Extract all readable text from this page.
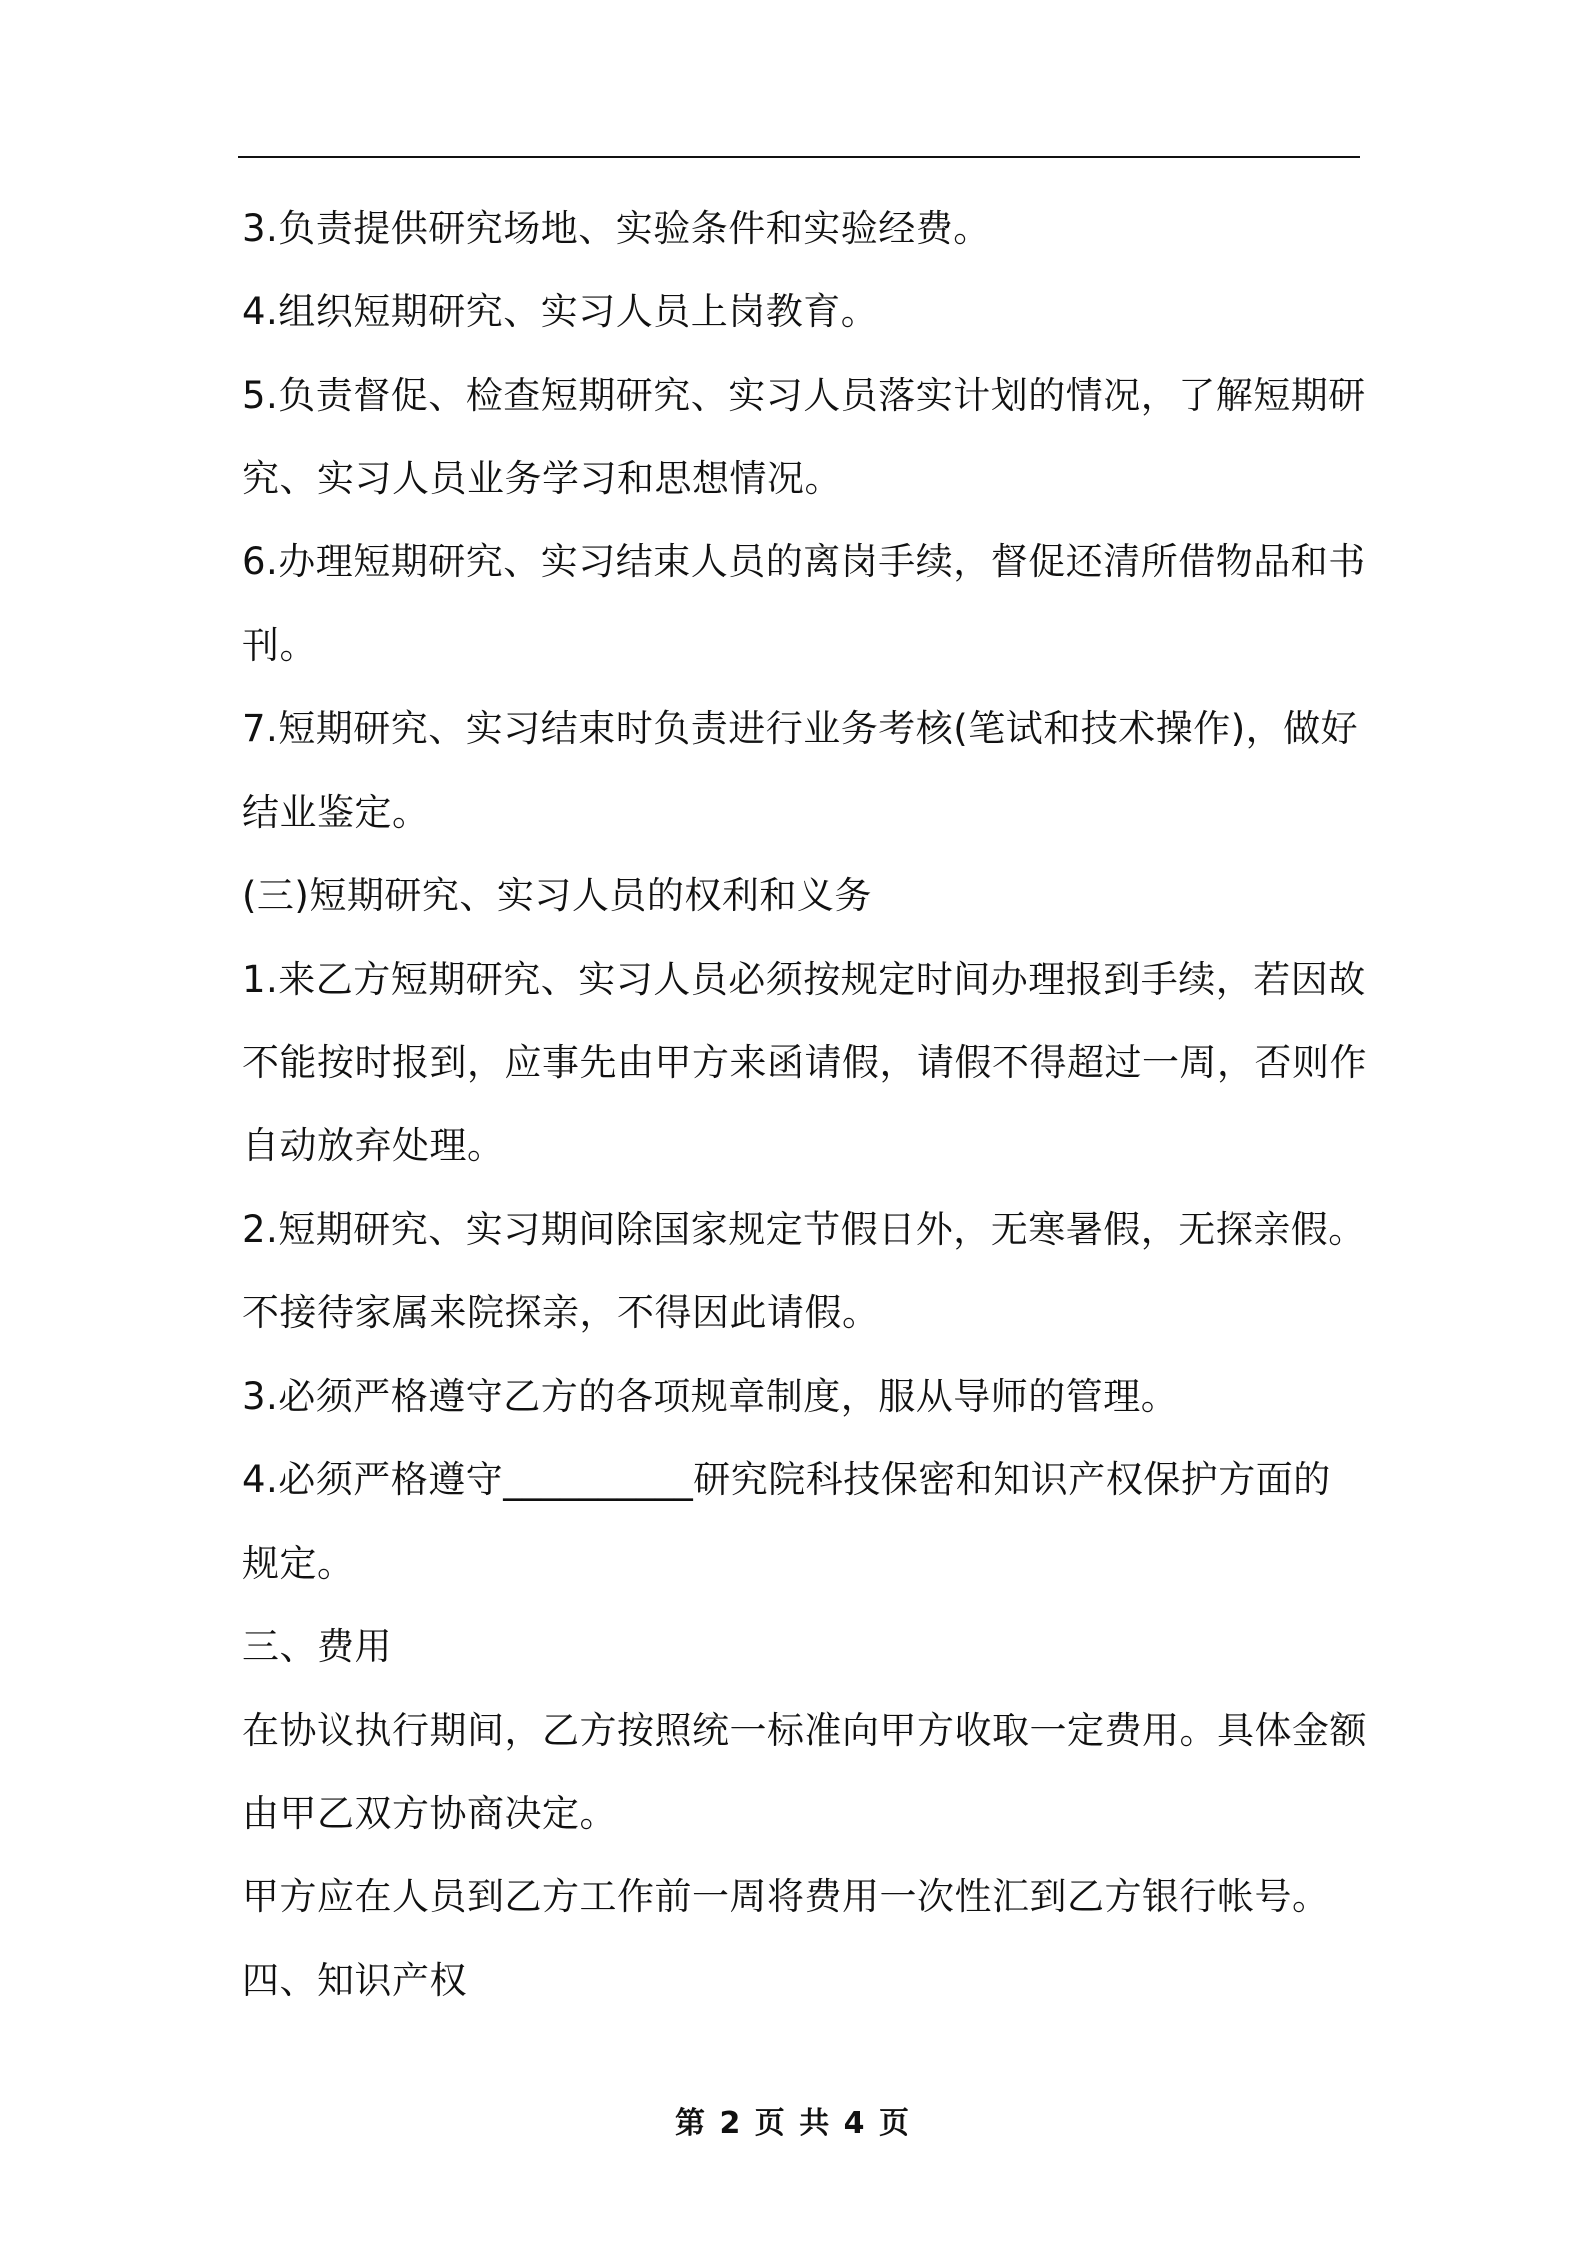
3.负责提供研究场地、实验条件和实验经费。
4.组织短期研究、实习人员上岗教育。
5.负责督促、检查短期研究、实习人员落实计划的情况，了解短期研
究、实习人员业务学习和思想情况。
6.办理短期研究、实习结束人员的离岗手续，督促还清所借物品和书
刊。
7.短期研究、实习结束时负责进行业务考核(笔试和技术操作)，做好
结业鉴定。
(三)短期研究、实习人员的权利和义务
1.来乙方短期研究、实习人员必须按规定时间办理报到手续，若因故
不能按时报到，应事先由甲方来函请假，请假不得超过一周，否则作
自动放弃处理。
2.短期研究、实习期间除国家规定节假日外，无寒暑假，无探亲假。
不接待家属来院探亲，不得因此请假。
3.必须严格遵守乙方的各项规章制度，服从导师的管理。
4.必须严格遵守__________研究院科技保密和知识产权保护方面的
规定。
三、费用
在协议执行期间，乙方按照统一标准向甲方收取一定费用。具体金额
由甲乙双方协商决定。
甲方应在人员到乙方工作前一周将费用一次性汇到乙方银行帐号。
四、知识产权
第 2 页 共 4 页
